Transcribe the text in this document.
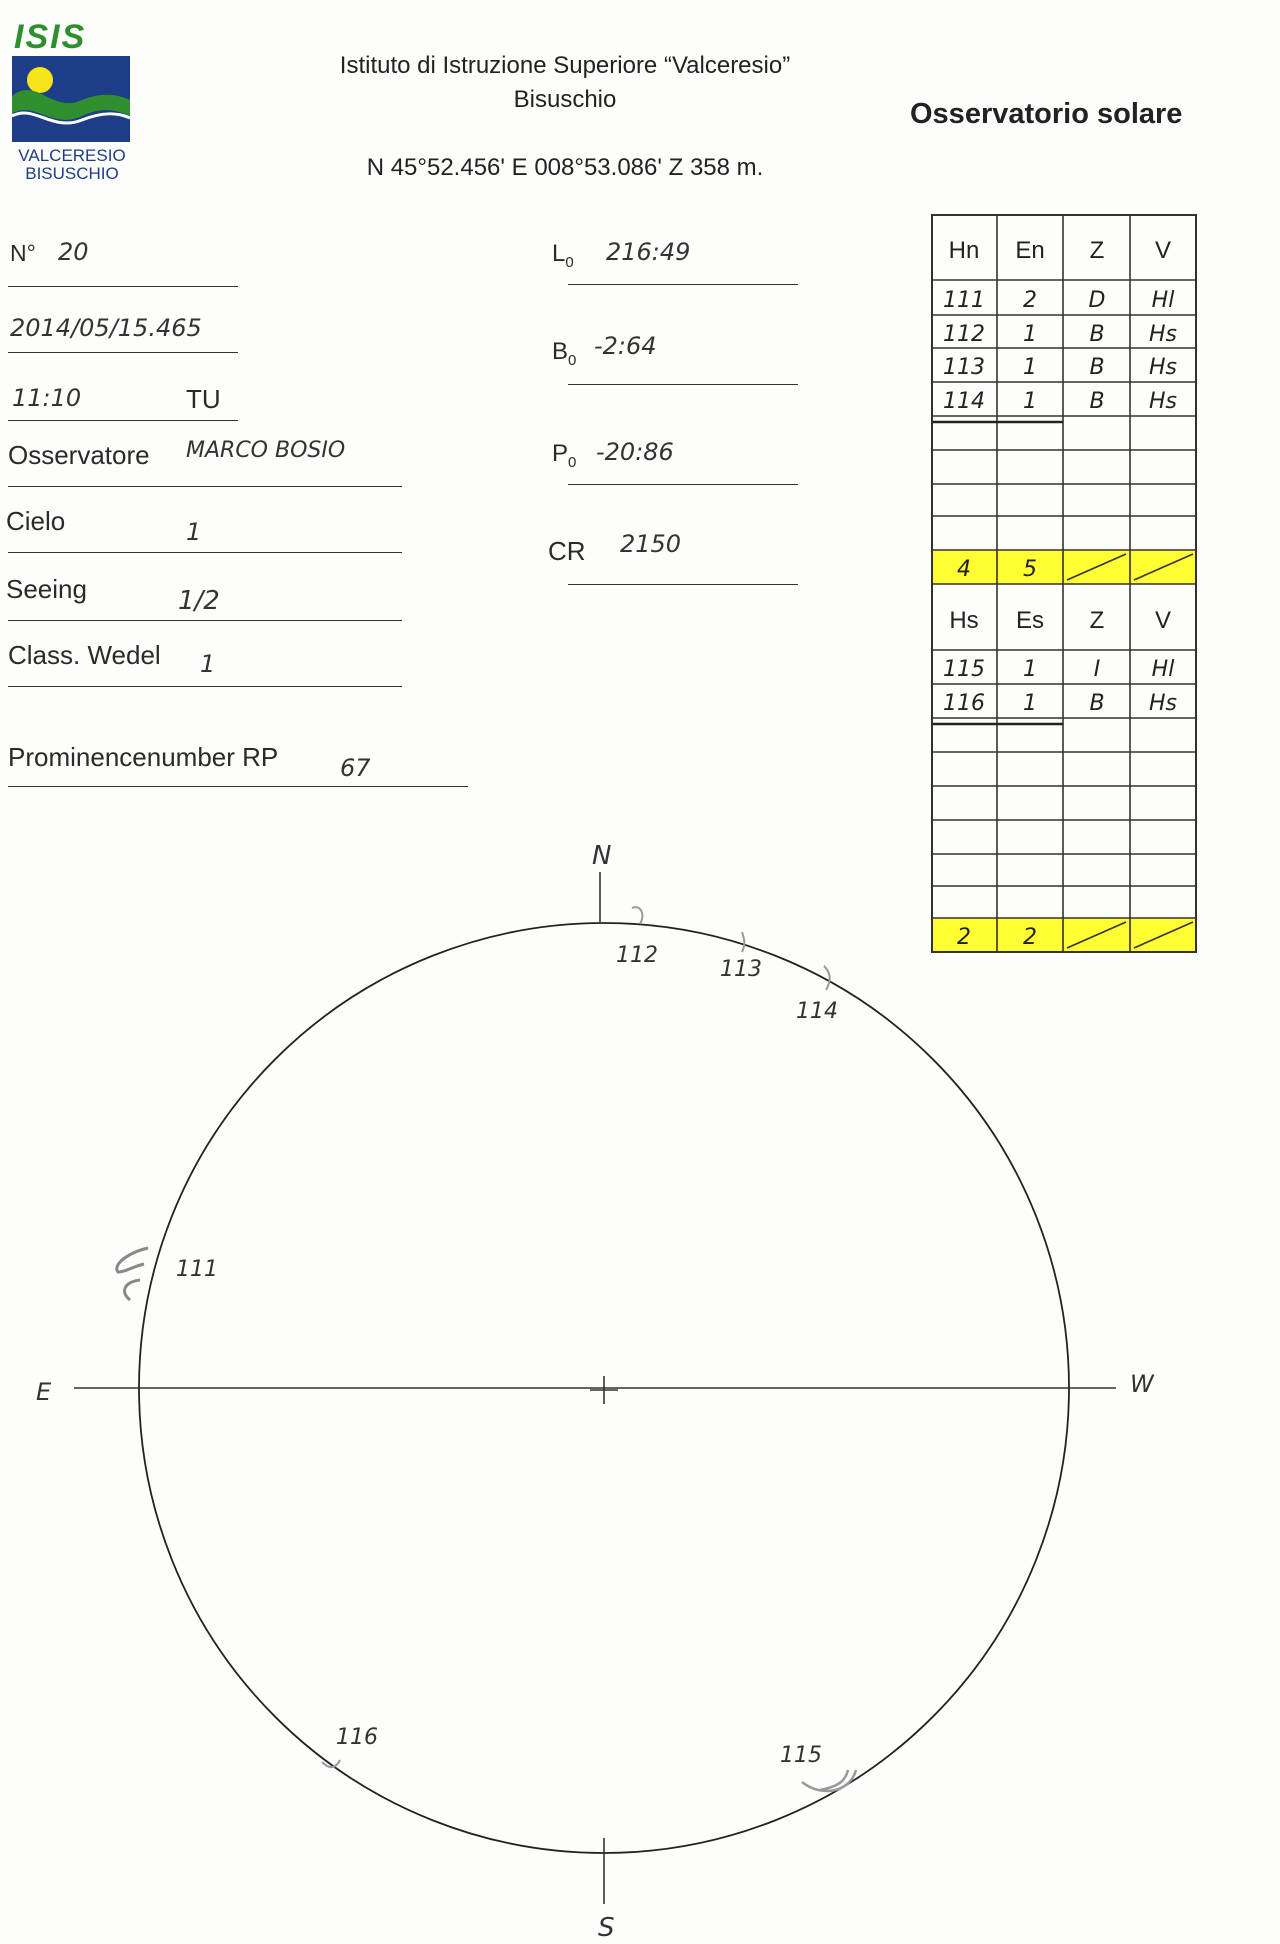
ISIS
VALCERESIO
BISUSCHIO
Istituto di Istruzione Superiore “Valceresio”
Bisuschio
N 45°52.456' E 008°53.086' Z 358 m.
Osservatorio solare
N° 20
2014/05/15.465
11:10	TU
Osservatore MARCO BOSIO
Cielo	1
Seeing	1/2
Class. Wedel 1
Prominencenumber RP	67
$L_0$ 216:49
$B_0$
-2:64
$P_0$ -20:86
CR 2150
Hn En Z V
111 2 D Hl
112 1 B Hs
113 1 B Hs
114 1 B Hs
4 5
Hs Es Z V
115 1	I Hl
116 1 B Hs
2 2
N
S
E	W
111
112
113
114
115
116
